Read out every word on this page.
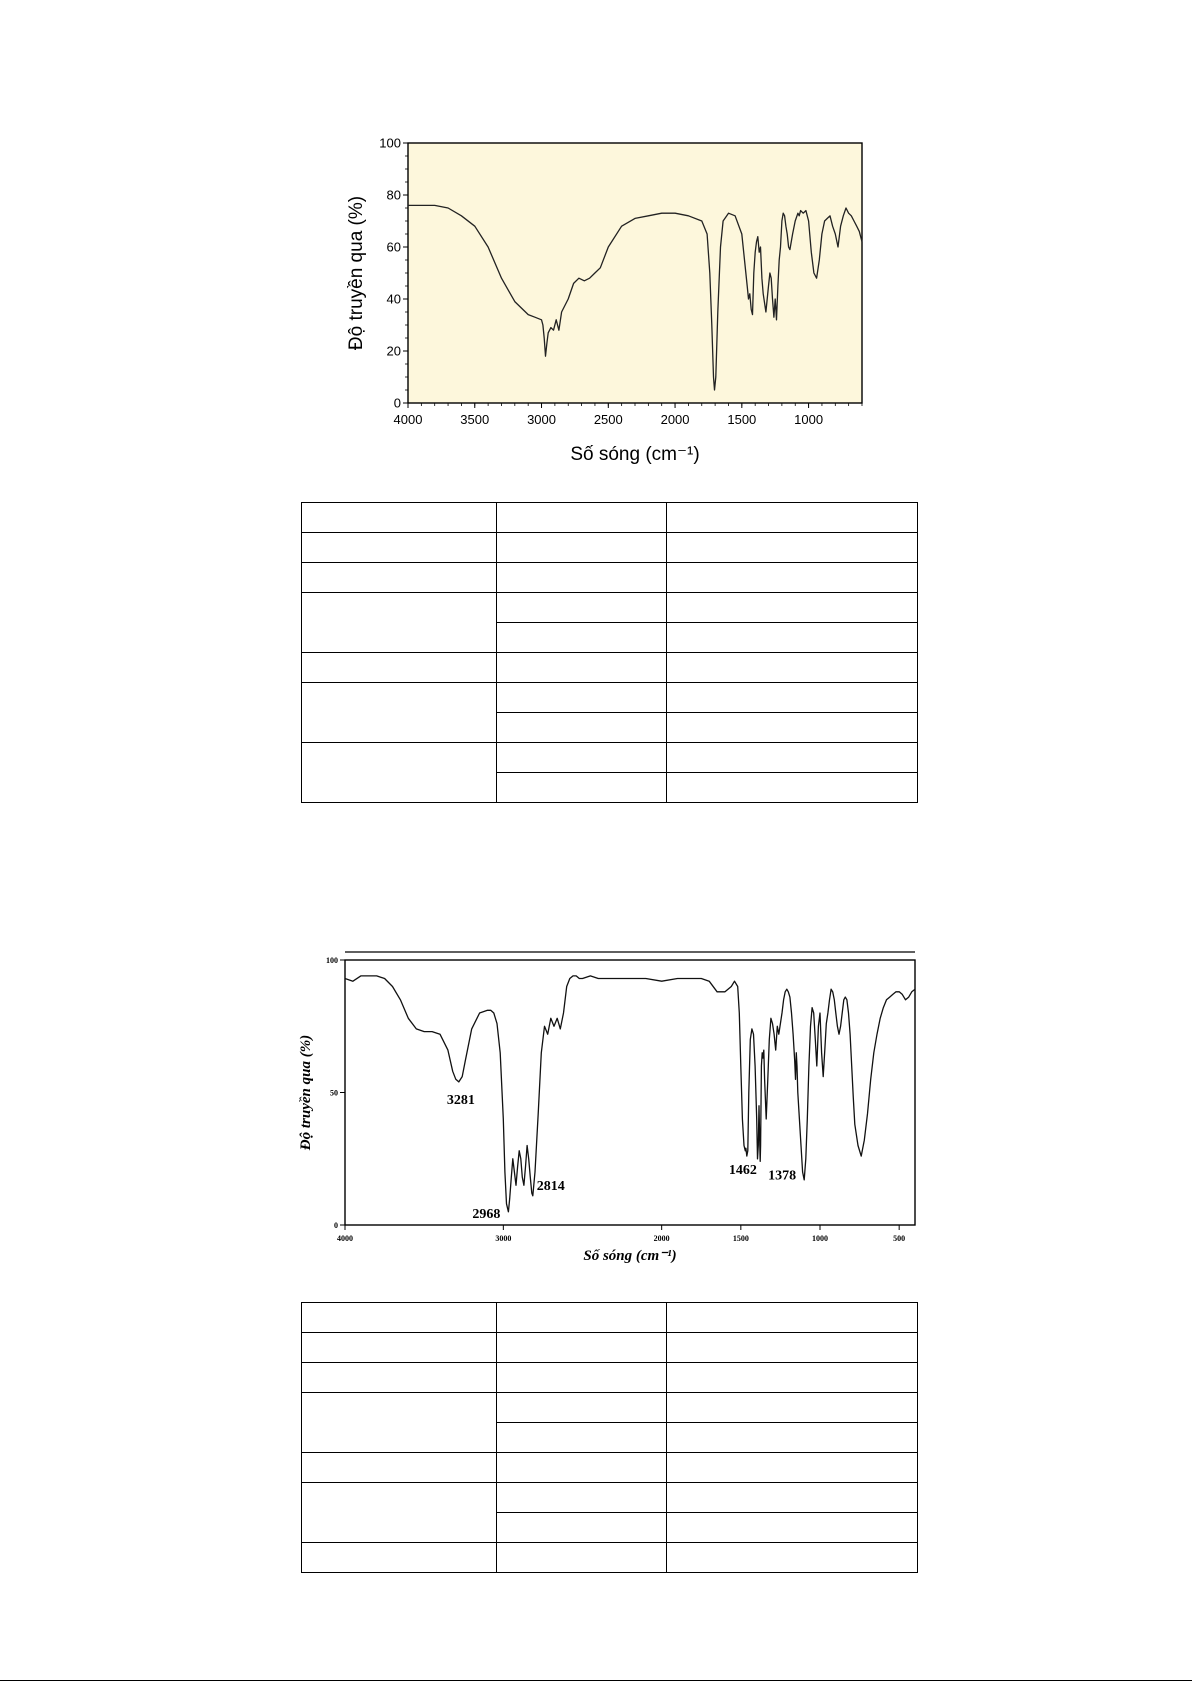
0
20
40
60
80
100
4000	3500	3000	2500	2000	1500	1000
Số sóng (cm⁻¹)
Độ truyền qua (%)

0
50
100
4000	3000	2000	1500	1000	500
3281
2968
2814
1462 1378
Số sóng (cm⁻¹)
Độ truyền qua (%)
